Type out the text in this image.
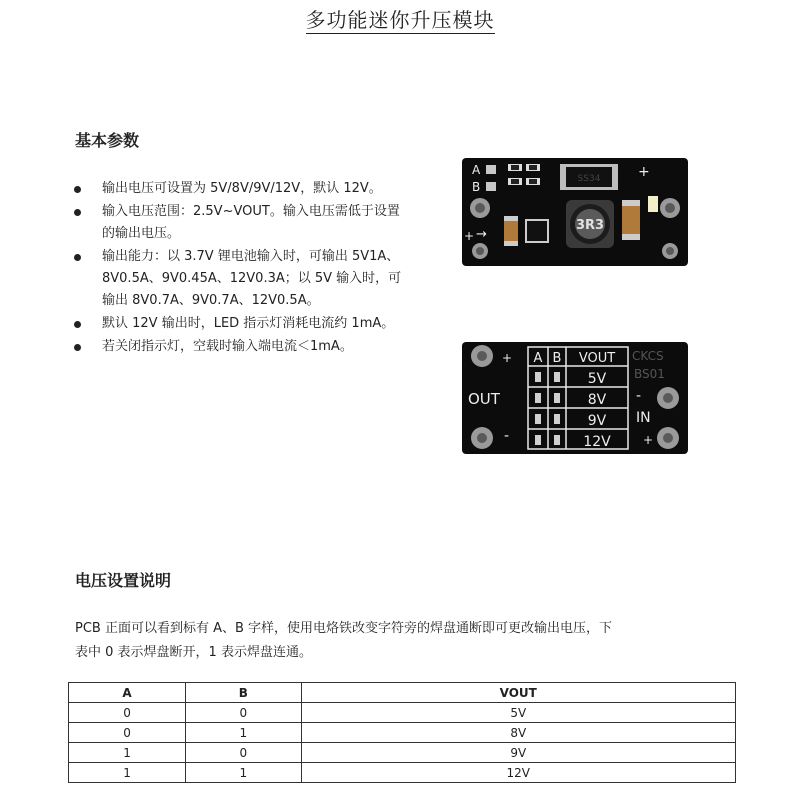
多功能迷你升压模块
基本参数
输出电压可设置为 5V/8V/9V/12V，默认 12V。
输入电压范围：2.5V~VOUT。输入电压需低于设置的输出电压。
输出能力：以 3.7V 锂电池输入时，可输出 5V1A、8V0.5A、9V0.45A、12V0.3A；以 5V 输入时，可输出 8V0.7A、9V0.7A、12V0.5A。
默认 12V 输出时，LED 指示灯消耗电流约 1mA。
若关闭指示灯，空载时输入端电流＜1mA。
A
B
SS34	+
3R3
+ →
+
-
OUT	-
IN
+
CKCS
BS01
A B VOUT
5V
8V
9V
12V
电压设置说明
PCB 正面可以看到标有 A、B 字样，使用电烙铁改变字符旁的焊盘通断即可更改输出电压，下
表中 0 表示焊盘断开，1 表示焊盘连通。
A	B	VOUT
0	0	5V
0	1	8V
1	0	9V
1	1	12V
